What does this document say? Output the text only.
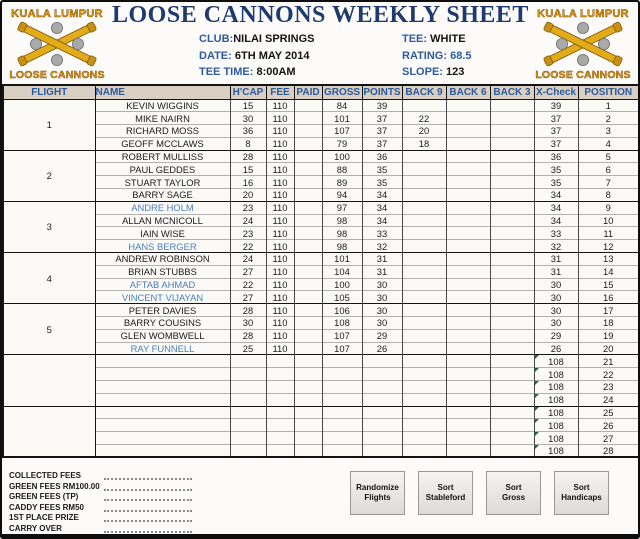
KUALA LUMPUR
LOOSE CANNONS
LOOSE CANNONS WEEKLY SHEET
CLUB:NILAI SPRINGS
DATE: 6TH MAY 2014
TEE TIME: 8:00AM
TEE: WHITE
RATING: 68.5
SLOPE: 123
KUALA LUMPUR
LOOSE CANNONS
FLIGHT	NAME	H'CAP	FEE	PAID	GROSS	POINTS	BACK 9	BACK 6	BACK 3	X-Check	POSITION
1	KEVIN WIGGINS	15	110		84	39				39	1
	MIKE NAIRN	30	110		101	37	22			37	2
	RICHARD MOSS	36	110		107	37	20			37	3
	GEOFF MCCLAWS	8	110		79	37	18			37	4
2	ROBERT MULLISS	28	110		100	36				36	5
	PAUL GEDDES	15	110		88	35				35	6
	STUART TAYLOR	16	110		89	35				35	7
	BARRY SAGE	20	110		94	34				34	8
3	ANDRE HOLM	23	110		97	34				34	9
	ALLAN MCNICOLL	24	110		98	34				34	10
	IAIN WISE	23	110		98	33				33	11
	HANS BERGER	22	110		98	32				32	12
4	ANDREW ROBINSON	24	110		101	31				31	13
	BRIAN STUBBS	27	110		104	31				31	14
	AFTAB AHMAD	22	110		100	30				30	15
	VINCENT VIJAYAN	27	110		105	30				30	16
5	PETER DAVIES	28	110		106	30				30	17
	BARRY COUSINS	30	110		108	30				30	18
	GLEN WOMBWELL	28	110		107	29				29	19
	RAY FUNNELL	25	110		107	26				26	20
										108	21
										108	22
										108	23
										108	24
										108	25
										108	26
										108	27
										108	28
COLLECTED FEES
GREEN FEES RM100.00
GREEN FEES (TP)
CADDY FEES RM50
1ST PLACE PRIZE
CARRY OVER
Randomize
Flights
Sort
Stableford
Sort
Gross
Sort
Handicaps
